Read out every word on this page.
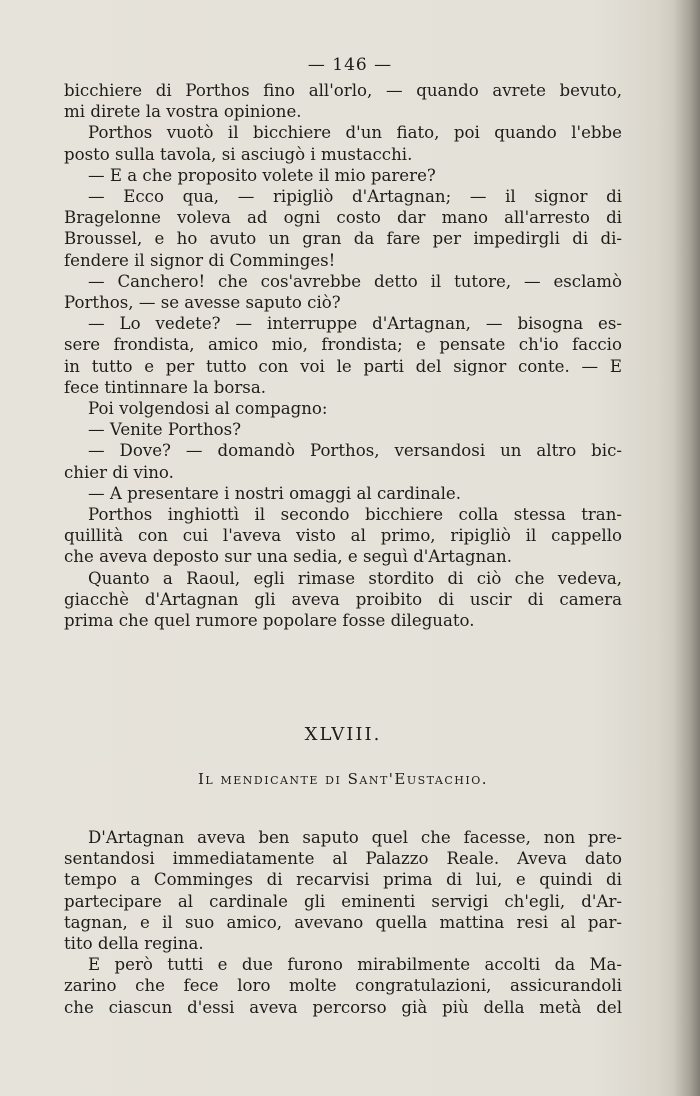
— 146 —
bicchiere di Porthos fino all'orlo, — quando avrete bevuto,
mi direte la vostra opinione.
Porthos vuotò il bicchiere d'un fiato, poi quando l'ebbe
posto sulla tavola, si asciugò i mustacchi.
— E a che proposito volete il mio parere?
— Ecco qua, — ripigliò d'Artagnan; — il signor di
Bragelonne voleva ad ogni costo dar mano all'arresto di
Broussel, e ho avuto un gran da fare per impedirgli di di-
fendere il signor di Comminges!
— Canchero! che cos'avrebbe detto il tutore, — esclamò
Porthos, — se avesse saputo ciò?
— Lo vedete? — interruppe d'Artagnan, — bisogna es-
sere frondista, amico mio, frondista; e pensate ch'io faccio
in tutto e per tutto con voi le parti del signor conte. — E
fece tintinnare la borsa.
Poi volgendosi al compagno:
— Venite Porthos?
— Dove? — domandò Porthos, versandosi un altro bic-
chier di vino.
— A presentare i nostri omaggi al cardinale.
Porthos inghiottì il secondo bicchiere colla stessa tran-
quillità con cui l'aveva visto al primo, ripigliò il cappello
che aveva deposto sur una sedia, e seguì d'Artagnan.
Quanto a Raoul, egli rimase stordito di ciò che vedeva,
giacchè d'Artagnan gli aveva proibito di uscir di camera
prima che quel rumore popolare fosse dileguato.
XLVIII.
Il mendicante di Sant'Eustachio.
D'Artagnan aveva ben saputo quel che facesse, non pre-
sentandosi immediatamente al Palazzo Reale. Aveva dato
tempo a Comminges di recarvisi prima di lui, e quindi di
partecipare al cardinale gli eminenti servigi ch'egli, d'Ar-
tagnan, e il suo amico, avevano quella mattina resi al par-
tito della regina.
E però tutti e due furono mirabilmente accolti da Ma-
zarino che fece loro molte congratulazioni, assicurandoli
che ciascun d'essi aveva percorso già più della metà del
